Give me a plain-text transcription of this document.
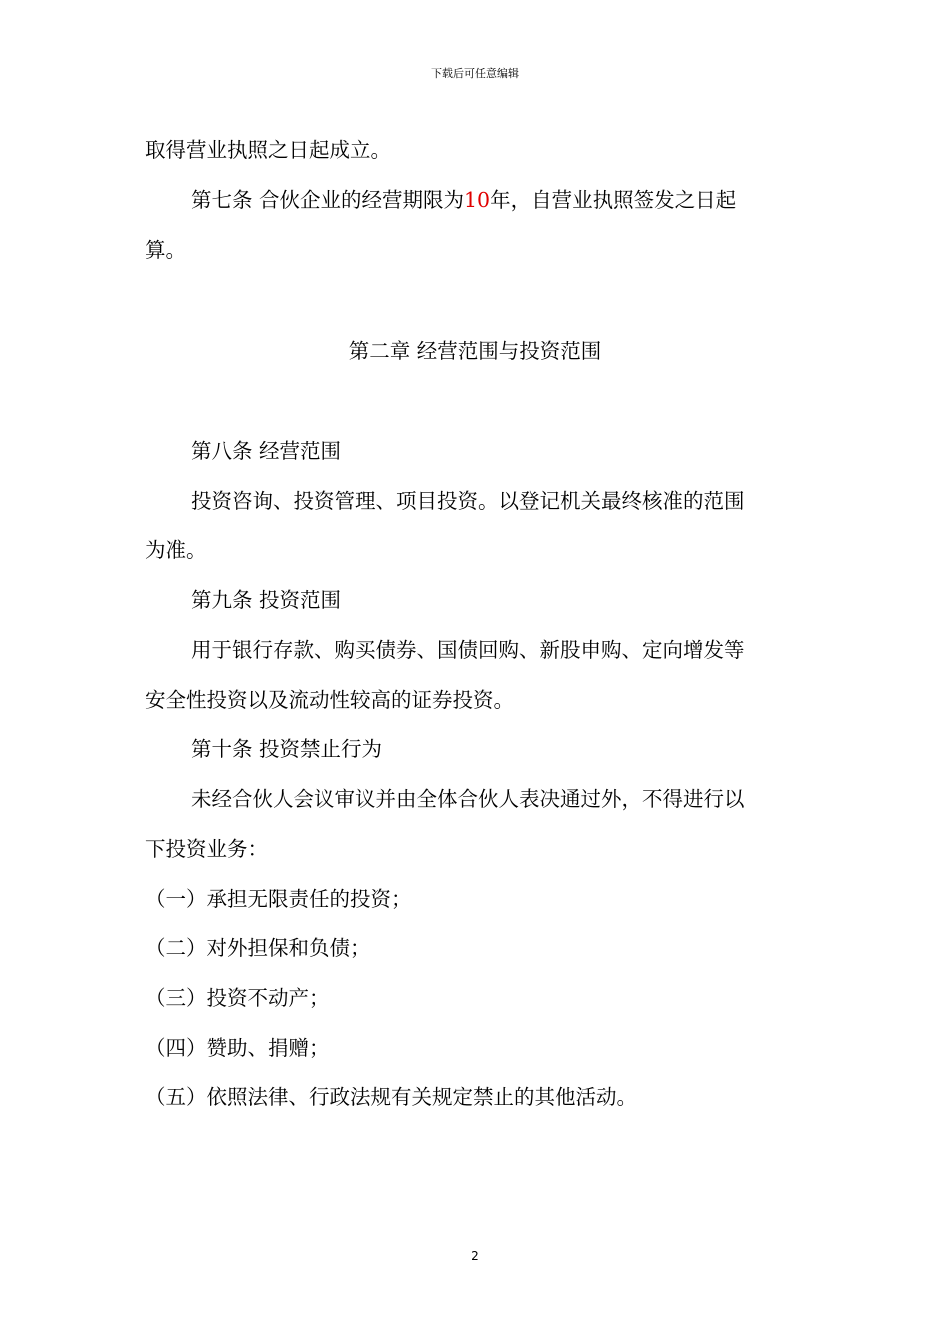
下载后可任意编辑
取得营业执照之日起成立。
第七条 合伙企业的经营期限为10年，自营业执照签发之日起
算。
第二章 经营范围与投资范围
第八条 经营范围
投资咨询、投资管理、项目投资。以登记机关最终核准的范围
为准。
第九条 投资范围
用于银行存款、购买债券、国债回购、新股申购、定向增发等
安全性投资以及流动性较高的证券投资。
第十条 投资禁止行为
未经合伙人会议审议并由全体合伙人表决通过外，不得进行以
下投资业务：
（一）承担无限责任的投资；
（二）对外担保和负债；
（三）投资不动产；
（四）赞助、捐赠；
（五）依照法律、行政法规有关规定禁止的其他活动。
2
